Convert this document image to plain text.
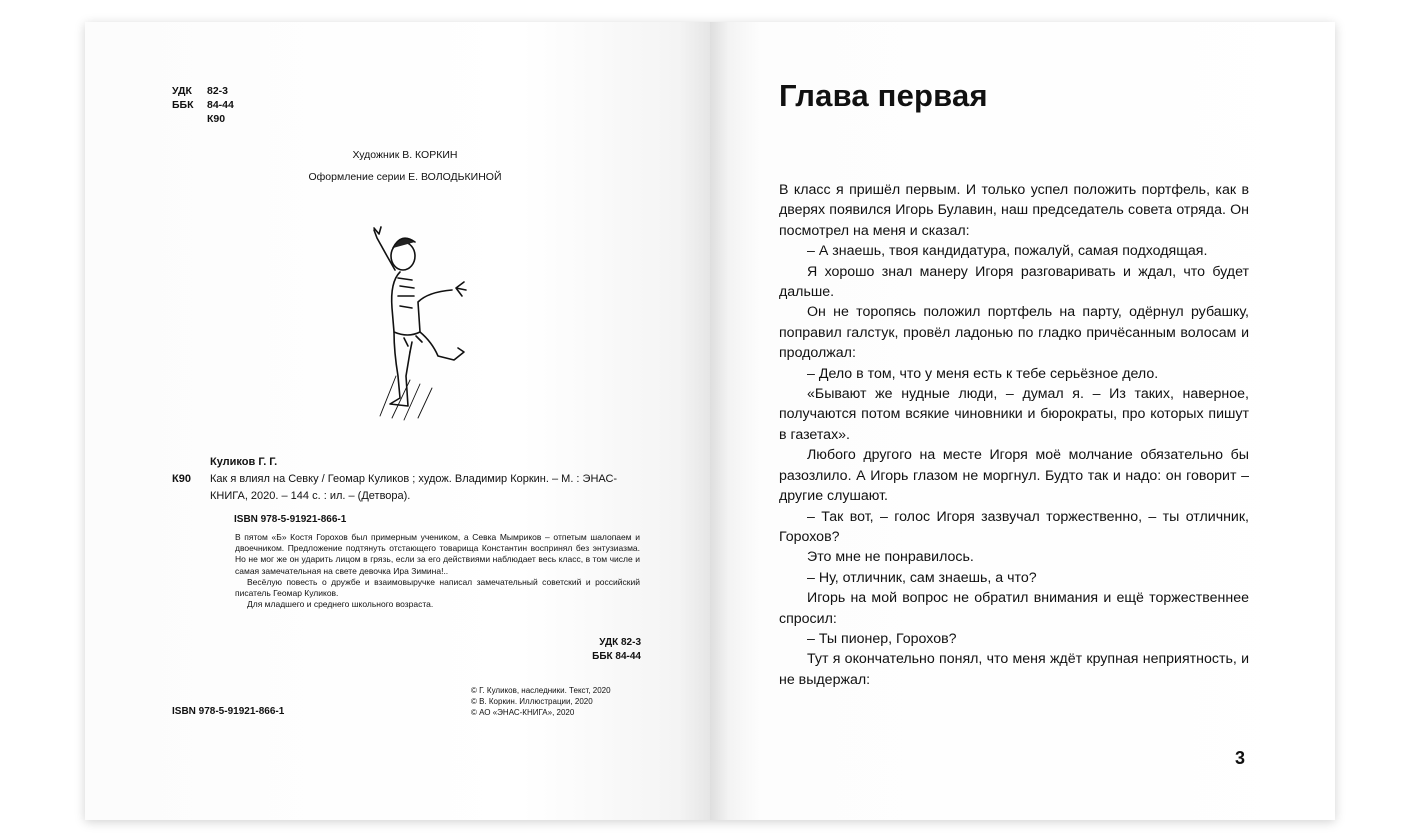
УДК	82-3
ББК	84-44
К90
Художник В. КОРКИН
Оформление серии Е. ВОЛОДЬКИНОЙ
Куликов Г. Г.
К90	Как я влиял на Севку / Геомар Куликов ; худож. Владимир Коркин. – М. : ЭНАС-КНИГА, 2020. – 144 с. : ил. – (Детвора).
ISBN 978-5-91921-866-1

В пятом «Б» Костя Горохов был примерным учеником, а Севка Мымриков – отпетым шалопаем и двоечником. Предложение подтянуть отстающего товарища Константин воспринял без энтузиазма. Но не мог же он ударить лицом в грязь, если за его действиями наблюдает весь класс, в том числе и самая замечательная на свете девочка Ира Зимина!..

Весёлую повесть о дружбе и взаимовыручке написал замечательный советский и российский писатель Геомар Куликов.

Для младшего и среднего школьного возраста.

УДК 82-3
ББК 84-44
ISBN 978-5-91921-866-1
© Г. Куликов, наследники. Текст, 2020
© В. Коркин. Иллюстрации, 2020
© АО «ЭНАС-КНИГА», 2020
Глава первая

В класс я пришёл первым. И только успел положить портфель, как в дверях появился Игорь Булавин, наш председатель совета отряда. Он посмотрел на меня и сказал:

– А знаешь, твоя кандидатура, пожалуй, самая подходящая.

Я хорошо знал манеру Игоря разговаривать и ждал, что будет дальше.

Он не торопясь положил портфель на парту, одёрнул рубашку, поправил галстук, провёл ладонью по гладко причёсанным волосам и продолжал:

– Дело в том, что у меня есть к тебе серьёзное дело.

«Бывают же нудные люди, – думал я. – Из таких, наверное, получаются потом всякие чиновники и бюрократы, про которых пишут в газетах».

Любого другого на месте Игоря моё молчание обязательно бы разозлило. А Игорь глазом не моргнул. Будто так и надо: он говорит – другие слушают.

– Так вот, – голос Игоря зазвучал торжественно, – ты отличник, Горохов?

Это мне не понравилось.

– Ну, отличник, сам знаешь, а что?

Игорь на мой вопрос не обратил внимания и ещё торжественнее спросил:

– Ты пионер, Горохов?

Тут я окончательно понял, что меня ждёт крупная неприятность, и не выдержал:

3
